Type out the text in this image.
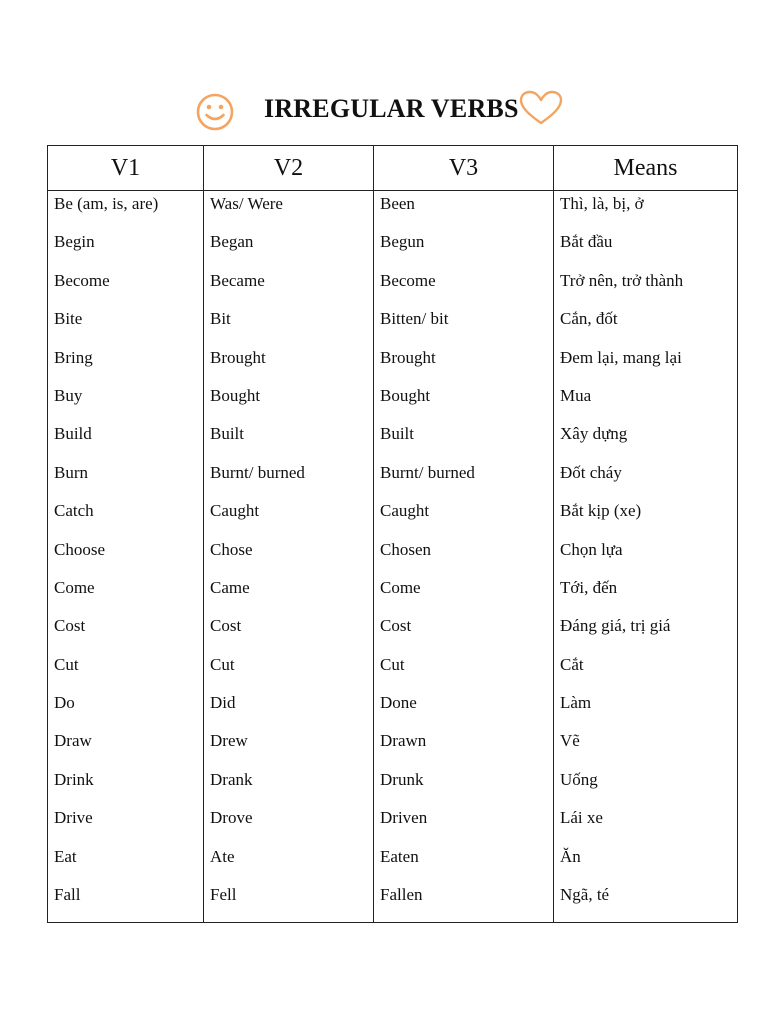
IRREGULAR VERBS
V1	V2	V3	Means
Be (am, is, are)	Was/ Were	Been	Thì, là, bị, ở
Begin	Began	Begun	Bắt đầu
Become	Became	Become	Trở nên, trở thành
Bite	Bit	Bitten/ bit	Cắn, đốt
Bring	Brought	Brought	Đem lại, mang lại
Buy	Bought	Bought	Mua
Build	Built	Built	Xây dựng
Burn	Burnt/ burned	Burnt/ burned	Đốt cháy
Catch	Caught	Caught	Bắt kịp (xe)
Choose	Chose	Chosen	Chọn lựa
Come	Came	Come	Tới, đến
Cost	Cost	Cost	Đáng giá, trị giá
Cut	Cut	Cut	Cắt
Do	Did	Done	Làm
Draw	Drew	Drawn	Vẽ
Drink	Drank	Drunk	Uống
Drive	Drove	Driven	Lái xe
Eat	Ate	Eaten	Ăn
Fall	Fell	Fallen	Ngã, té
